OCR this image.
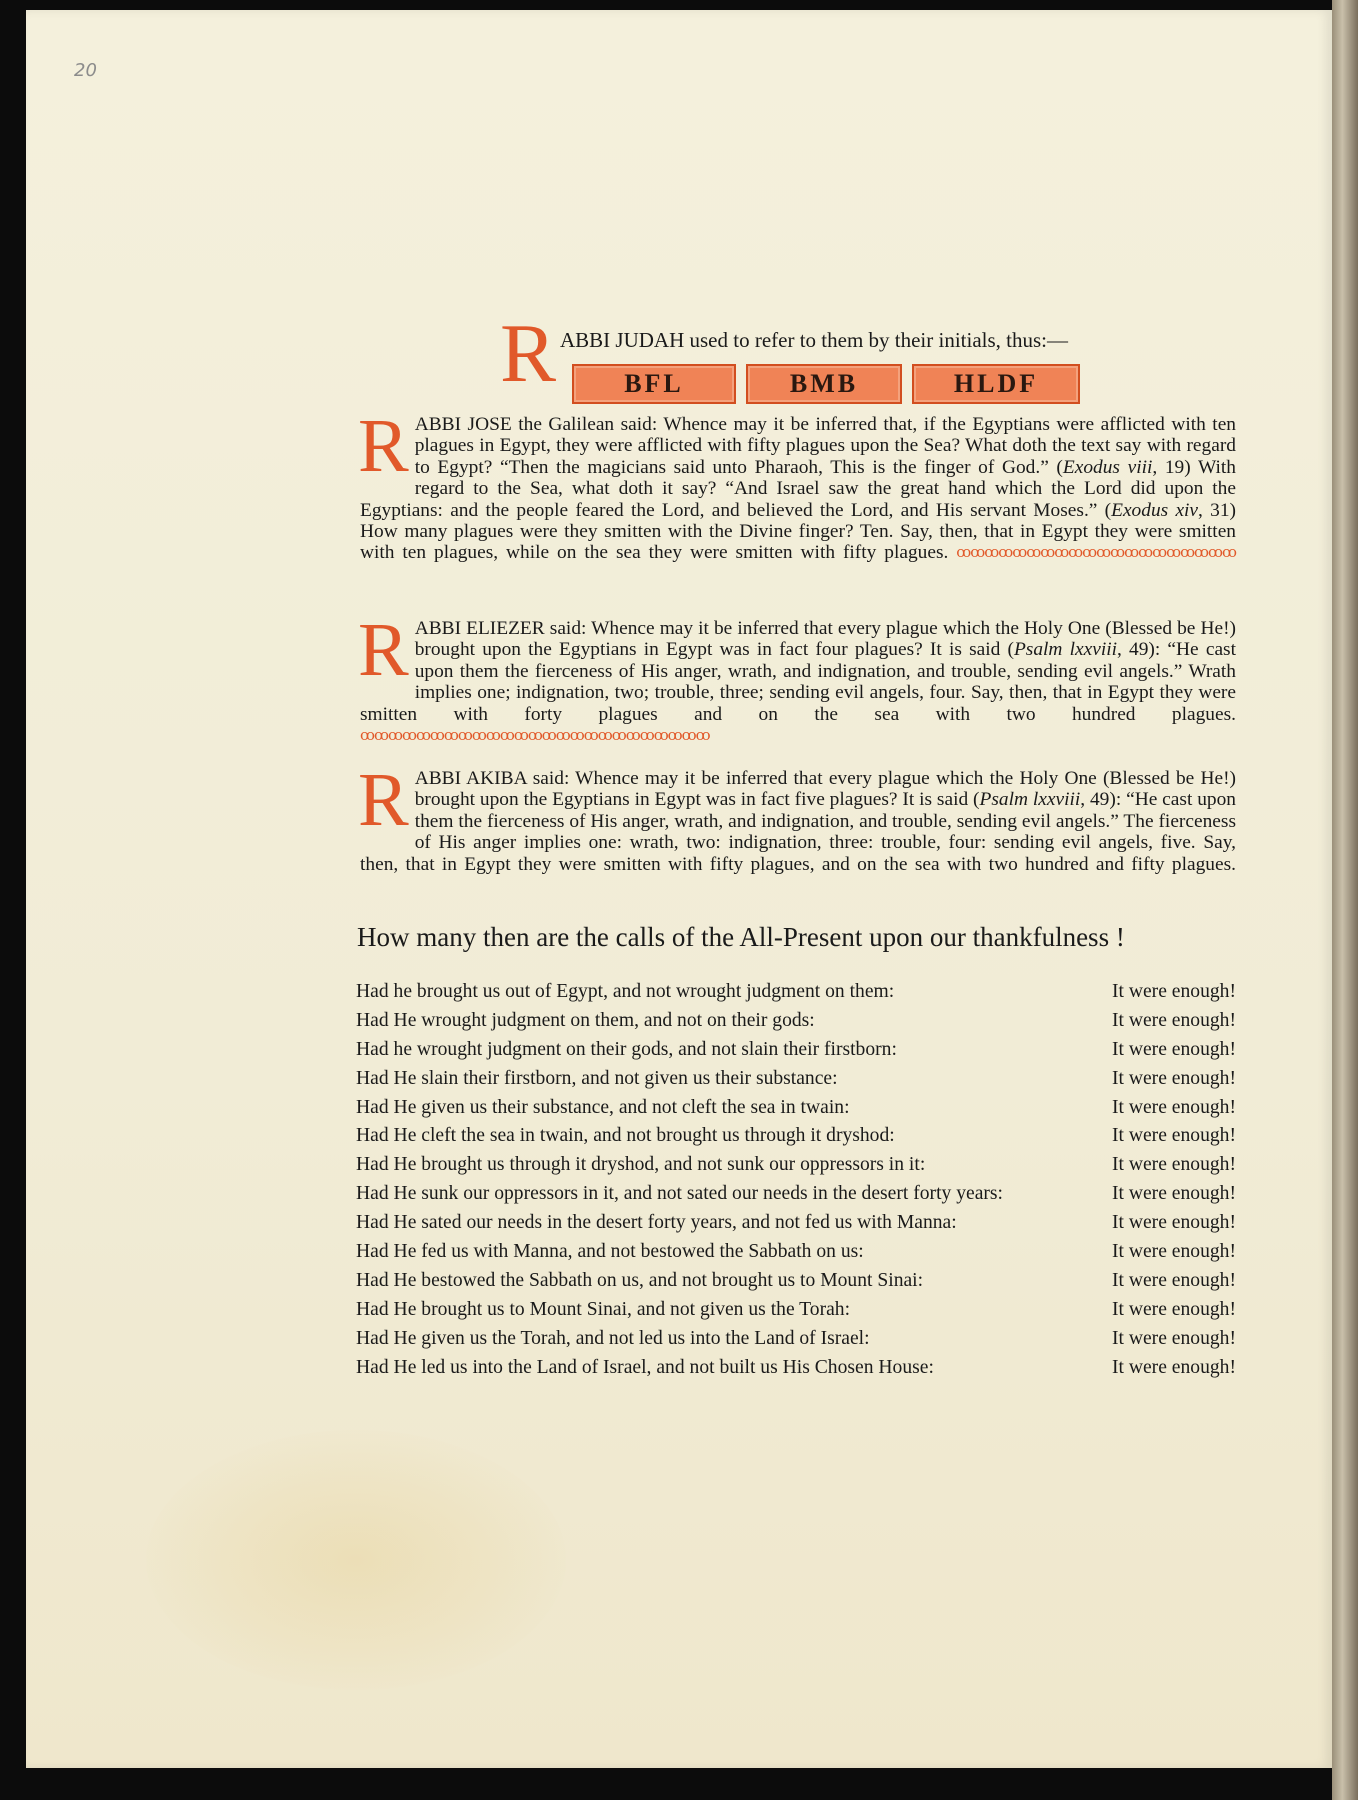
20
R ABBI JUDAH used to refer to them by their initials, thus:—
BFL	BMB	HLDF
RABBI JOSE the Galilean said: Whence may it be inferred that, if the Egyptians were afflicted with ten plagues in Egypt, they were afflicted with fifty plagues upon the Sea? What doth the text say with regard to Egypt? “Then the magicians said unto Pharaoh, This is the finger of God.” (Exodus viii, 19) With regard to the Sea, what doth it say? “And Israel saw the great hand which the Lord did upon the Egyptians: and the people feared the Lord, and believed the Lord, and His servant Moses.” (Exodus xiv, 31) How many plagues were they smitten with the Divine finger? Ten. Say, then, that in Egypt they were smitten with ten plagues, while on the sea they were smitten with fifty plagues. ꝏꝏꝏꝏꝏꝏꝏꝏꝏꝏꝏꝏꝏꝏꝏꝏꝏꝏꝏꝏ
RABBI ELIEZER said: Whence may it be inferred that every plague which the Holy One (Blessed be He!) brought upon the Egyptians in Egypt was in fact four plagues? It is said (Psalm lxxviii, 49): “He cast upon them the fierceness of His anger, wrath, and indignation, and trouble, sending evil angels.” Wrath implies one; indignation, two; trouble, three; sending evil angels, four. Say, then, that in Egypt they were smitten with forty plagues and on the sea with two hundred plagues. ꝏꝏꝏꝏꝏꝏꝏꝏꝏꝏꝏꝏꝏꝏꝏꝏꝏꝏꝏꝏꝏꝏꝏꝏꝏ
RABBI AKIBA said: Whence may it be inferred that every plague which the Holy One (Blessed be He!) brought upon the Egyptians in Egypt was in fact five plagues? It is said (Psalm lxxviii, 49): “He cast upon them the fierceness of His anger, wrath, and indignation, and trouble, sending evil angels.” The fierceness of His anger implies one: wrath, two: indignation, three: trouble, four: sending evil angels, five. Say, then, that in Egypt they were smitten with fifty plagues, and on the sea with two hundred and fifty plagues.
How many then are the calls of the All-Present upon our thankfulness !
Had he brought us out of Egypt, and not wrought judgment on them:	It were enough!
Had He wrought judgment on them, and not on their gods:	It were enough!
Had he wrought judgment on their gods, and not slain their firstborn:	It were enough!
Had He slain their firstborn, and not given us their substance:	It were enough!
Had He given us their substance, and not cleft the sea in twain:	It were enough!
Had He cleft the sea in twain, and not brought us through it dryshod:	It were enough!
Had He brought us through it dryshod, and not sunk our oppressors in it:	It were enough!
Had He sunk our oppressors in it, and not sated our needs in the desert forty years:	It were enough!
Had He sated our needs in the desert forty years, and not fed us with Manna:	It were enough!
Had He fed us with Manna, and not bestowed the Sabbath on us:	It were enough!
Had He bestowed the Sabbath on us, and not brought us to Mount Sinai:	It were enough!
Had He brought us to Mount Sinai, and not given us the Torah:	It were enough!
Had He given us the Torah, and not led us into the Land of Israel:	It were enough!
Had He led us into the Land of Israel, and not built us His Chosen House:	It were enough!
